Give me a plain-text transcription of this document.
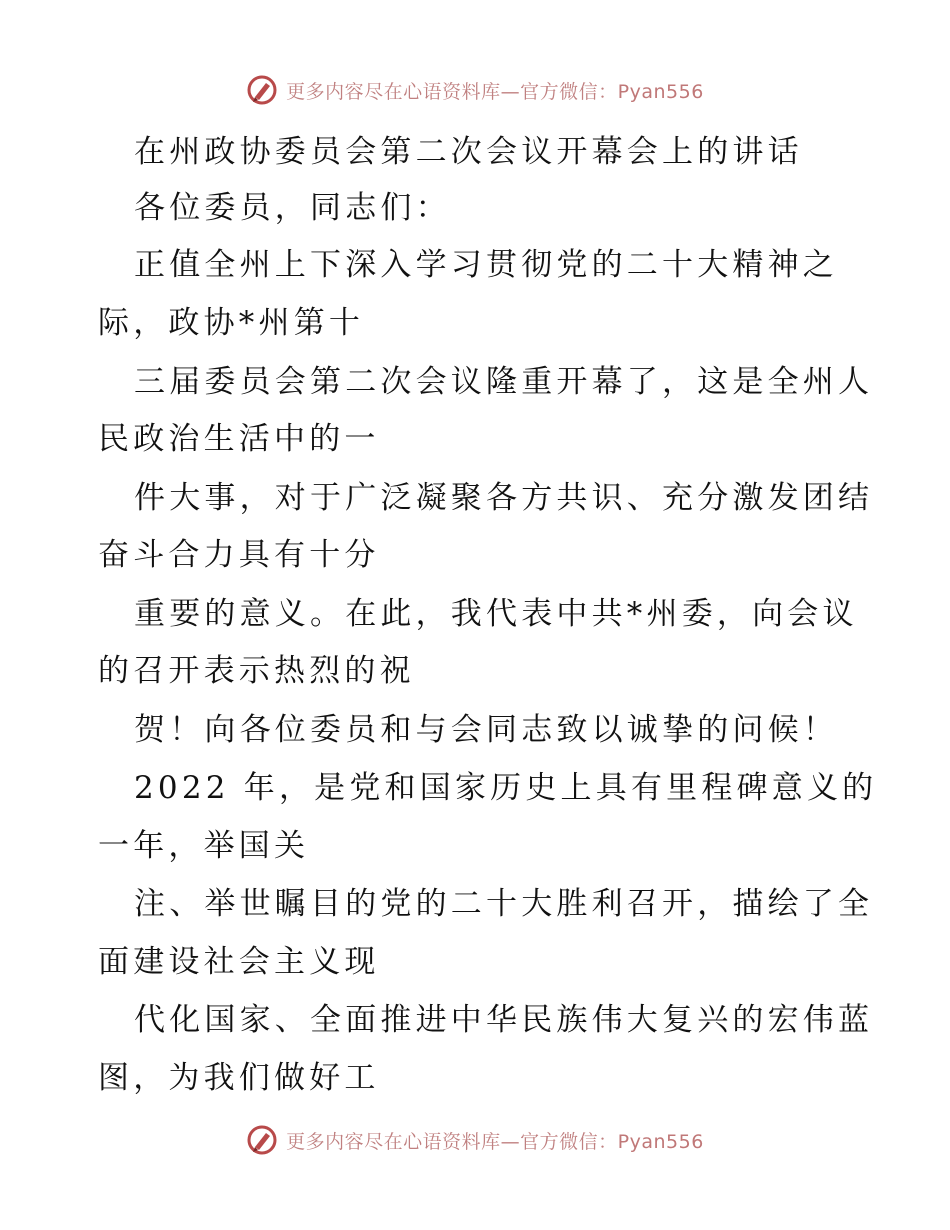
更多内容尽在心语资料库—官方微信：Pyan556
在州政协委员会第二次会议开幕会上的讲话
各位委员，同志们：
正值全州上下深入学习贯彻党的二十大精神之
际，政协*州第十
三届委员会第二次会议隆重开幕了，这是全州人
民政治生活中的一
件大事，对于广泛凝聚各方共识、充分激发团结
奋斗合力具有十分
重要的意义。在此，我代表中共*州委，向会议
的召开表示热烈的祝
贺！向各位委员和与会同志致以诚挚的问候！
2022 年，是党和国家历史上具有里程碑意义的
一年，举国关
注、举世瞩目的党的二十大胜利召开，描绘了全
面建设社会主义现
代化国家、全面推进中华民族伟大复兴的宏伟蓝
图，为我们做好工
更多内容尽在心语资料库—官方微信：Pyan556
